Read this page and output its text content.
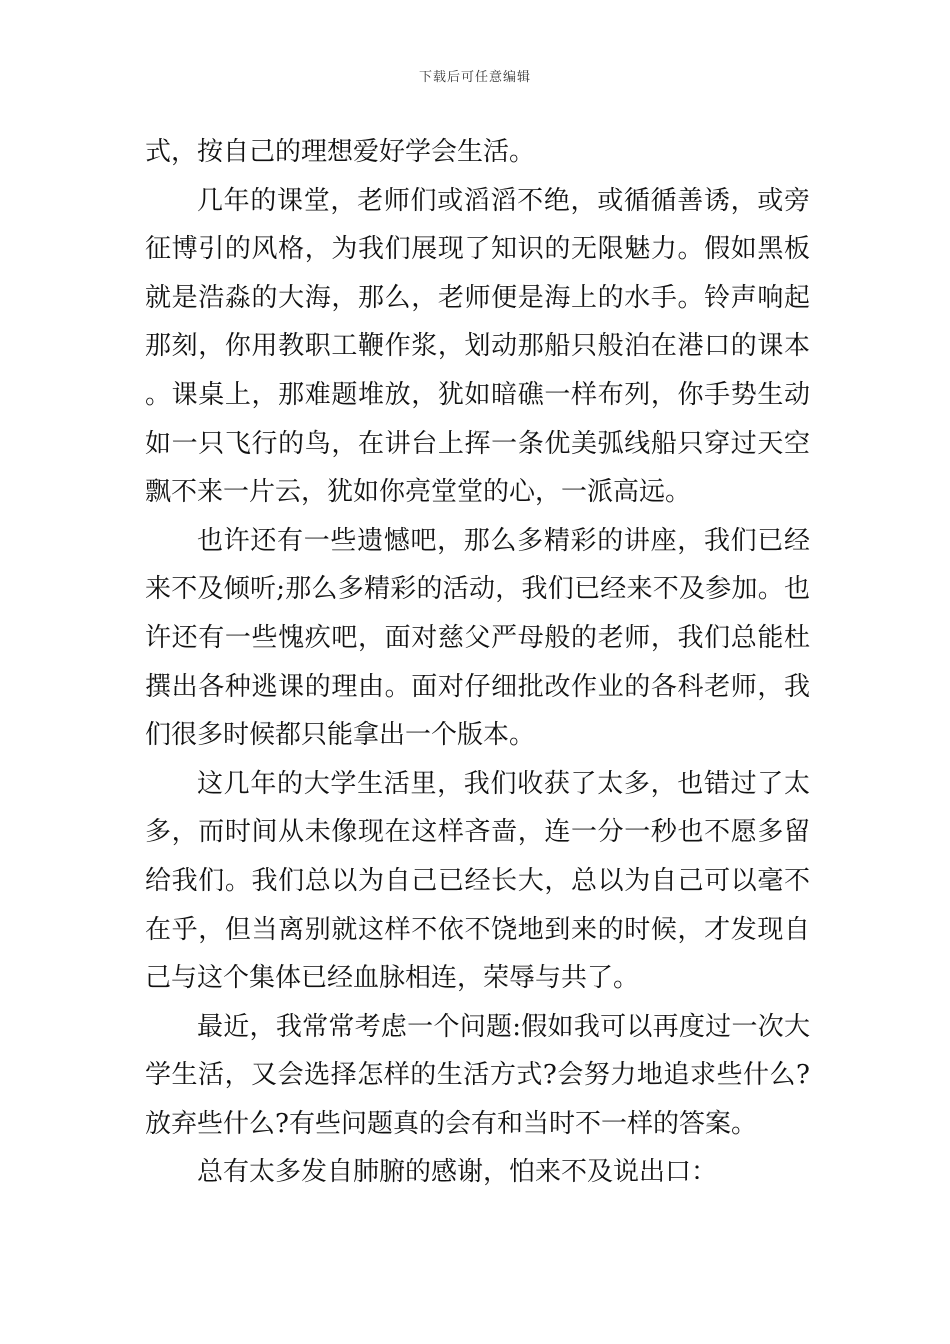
下载后可任意编辑

式，按自己的理想爱好学会生活。

几年的课堂，老师们或滔滔不绝，或循循善诱，或旁征博引的风格，为我们展现了知识的无限魅力。假如黑板就是浩淼的大海，那么，老师便是海上的水手。铃声响起那刻，你用教职工鞭作浆，划动那船只般泊在港口的课本 。课桌上，那难题堆放，犹如暗礁一样布列，你手势生动如一只飞行的鸟，在讲台上挥一条优美弧线船只穿过天空飘不来一片云，犹如你亮堂堂的心，一派高远。

也许还有一些遗憾吧，那么多精彩的讲座，我们已经来不及倾听;那么多精彩的活动，我们已经来不及参加。也许还有一些愧疚吧，面对慈父严母般的老师，我们总能杜撰出各种逃课的理由。面对仔细批改作业的各科老师，我们很多时候都只能拿出一个版本。

这几年的大学生活里，我们收获了太多，也错过了太多，而时间从未像现在这样吝啬，连一分一秒也不愿多留给我们。我们总以为自己已经长大，总以为自己可以毫不在乎，但当离别就这样不依不饶地到来的时候，才发现自己与这个集体已经血脉相连，荣辱与共了。

最近，我常常考虑一个问题:假如我可以再度过一次大学生活，又会选择怎样的生活方式?会努力地追求些什么?放弃些什么?有些问题真的会有和当时不一样的答案。

总有太多发自肺腑的感谢，怕来不及说出口：
